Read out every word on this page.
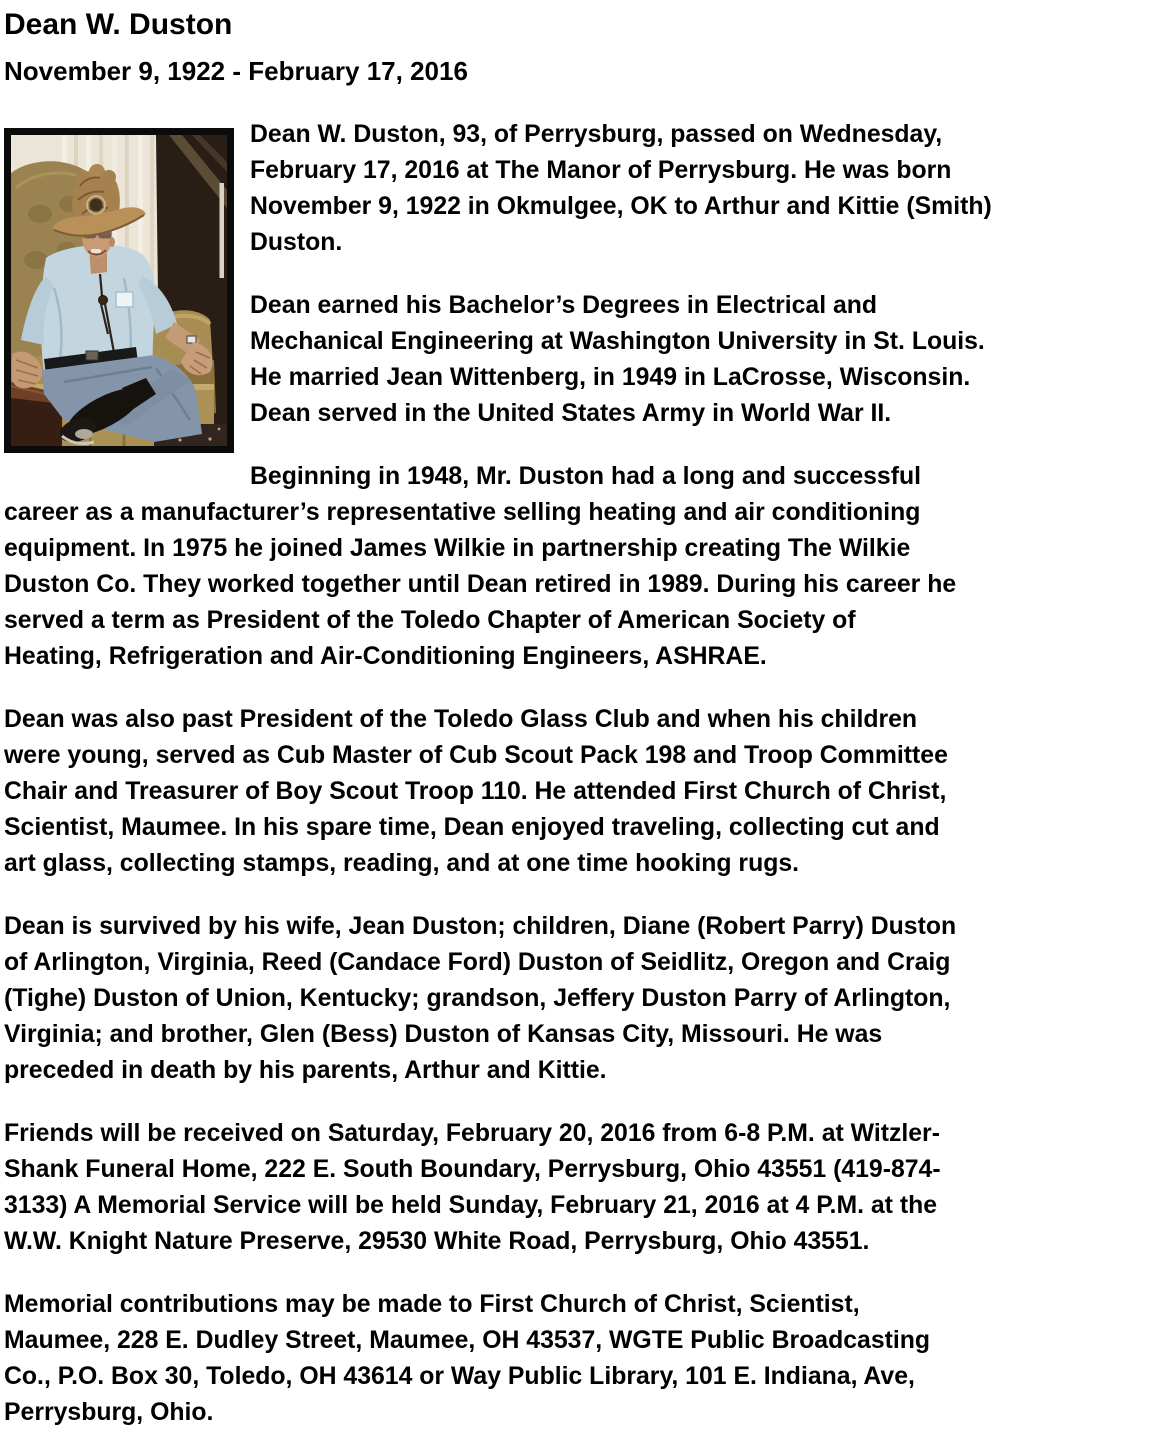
Dean W. Duston
November 9, 1922 - February 17, 2016
Dean W. Duston, 93, of Perrysburg, passed on Wednesday,
February 17, 2016 at The Manor of Perrysburg. He was born
November 9, 1922 in Okmulgee, OK to Arthur and Kittie (Smith)
Duston.
Dean earned his Bachelor’s Degrees in Electrical and
Mechanical Engineering at Washington University in St. Louis.
He married Jean Wittenberg, in 1949 in LaCrosse, Wisconsin.
Dean served in the United States Army in World War II.
Beginning in 1948, Mr. Duston had a long and successful
career as a manufacturer’s representative selling heating and air conditioning
equipment. In 1975 he joined James Wilkie in partnership creating The Wilkie
Duston Co. They worked together until Dean retired in 1989. During his career he
served a term as President of the Toledo Chapter of American Society of
Heating, Refrigeration and Air-Conditioning Engineers, ASHRAE.
Dean was also past President of the Toledo Glass Club and when his children
were young, served as Cub Master of Cub Scout Pack 198 and Troop Committee
Chair and Treasurer of Boy Scout Troop 110. He attended First Church of Christ,
Scientist, Maumee. In his spare time, Dean enjoyed traveling, collecting cut and
art glass, collecting stamps, reading, and at one time hooking rugs.
Dean is survived by his wife, Jean Duston; children, Diane (Robert Parry) Duston
of Arlington, Virginia, Reed (Candace Ford) Duston of Seidlitz, Oregon and Craig
(Tighe) Duston of Union, Kentucky; grandson, Jeffery Duston Parry of Arlington,
Virginia; and brother, Glen (Bess) Duston of Kansas City, Missouri. He was
preceded in death by his parents, Arthur and Kittie.
Friends will be received on Saturday, February 20, 2016 from 6-8 P.M. at Witzler-
Shank Funeral Home, 222 E. South Boundary, Perrysburg, Ohio 43551 (419-874-
3133) A Memorial Service will be held Sunday, February 21, 2016 at 4 P.M. at the
W.W. Knight Nature Preserve, 29530 White Road, Perrysburg, Ohio 43551.
Memorial contributions may be made to First Church of Christ, Scientist,
Maumee, 228 E. Dudley Street, Maumee, OH 43537, WGTE Public Broadcasting
Co., P.O. Box 30, Toledo, OH 43614 or Way Public Library, 101 E. Indiana, Ave,
Perrysburg, Ohio.
